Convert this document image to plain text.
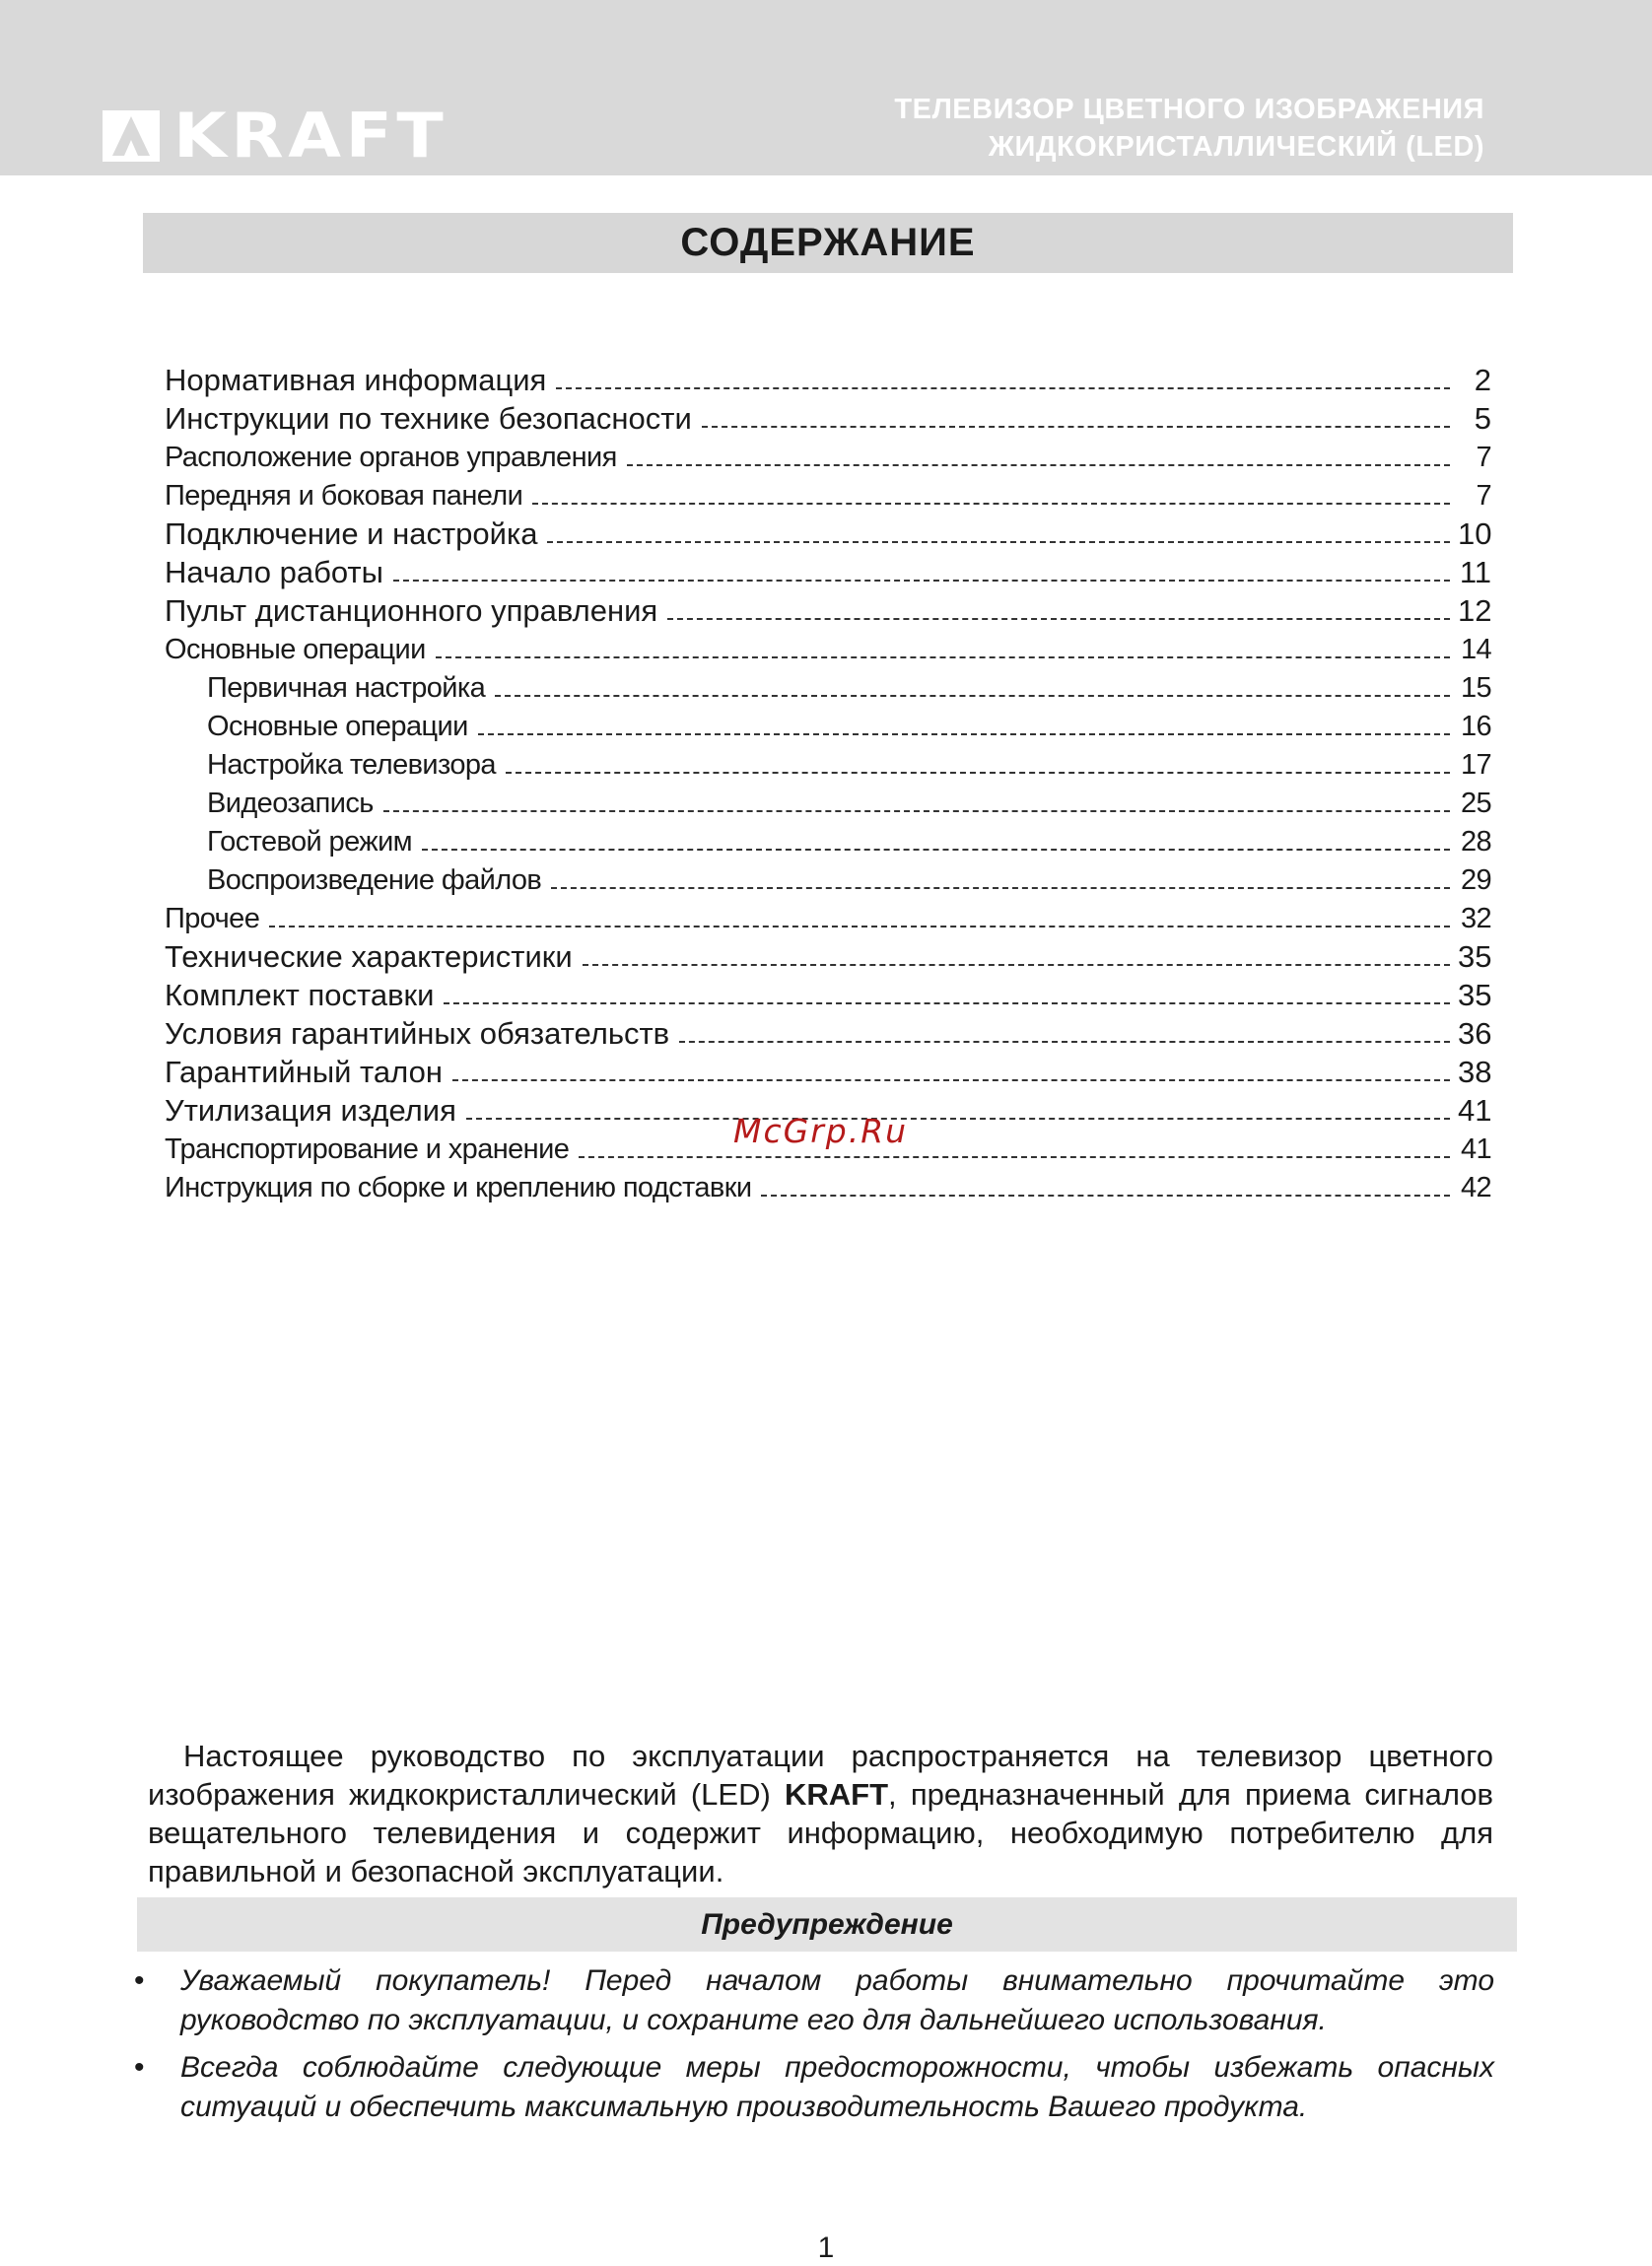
KRAFT	ТЕЛЕВИЗОР ЦВЕТНОГО ИЗОБРАЖЕНИЯ
ЖИДКОКРИСТАЛЛИЧЕСКИЙ (LED)
СОДЕРЖАНИЕ
Нормативная информация	2
Инструкции по технике безопасности	5
Расположение органов управления	7
Передняя и боковая панели	7
Подключение и настройка	10
Начало работы	11
Пульт дистанционного управления	12
Основные операции	14
Первичная настройка	15
Основные операции	16
Настройка телевизора	17
Видеозапись	25
Гостевой режим	28
Воспроизведение файлов	29
Прочее	32
Технические характеристики	35
Комплект поставки	35
Условия гарантийных обязательств	36
Гарантийный талон	38
Утилизация изделия	41
Транспортирование и хранение	41
Инструкция по сборке и креплению подставки	42
McGrp.Ru

Настоящее руководство по эксплуатации распространяется на телевизор цветного изображения жидкокристаллический (LED) KRAFT, предназначенный для приема сигналов вещательного телевидения и содержит информацию, необходимую потребителю для правильной и безопасной эксплуатации.

Предупреждение
• Уважаемый покупатель! Перед началом работы внимательно прочитайте это руководство по эксплуатации, и сохраните его для дальнейшего использования.
• Всегда соблюдайте следующие меры предосторожности, чтобы избежать опасных ситуаций и обеспечить максимальную производительность Вашего продукта.
1
